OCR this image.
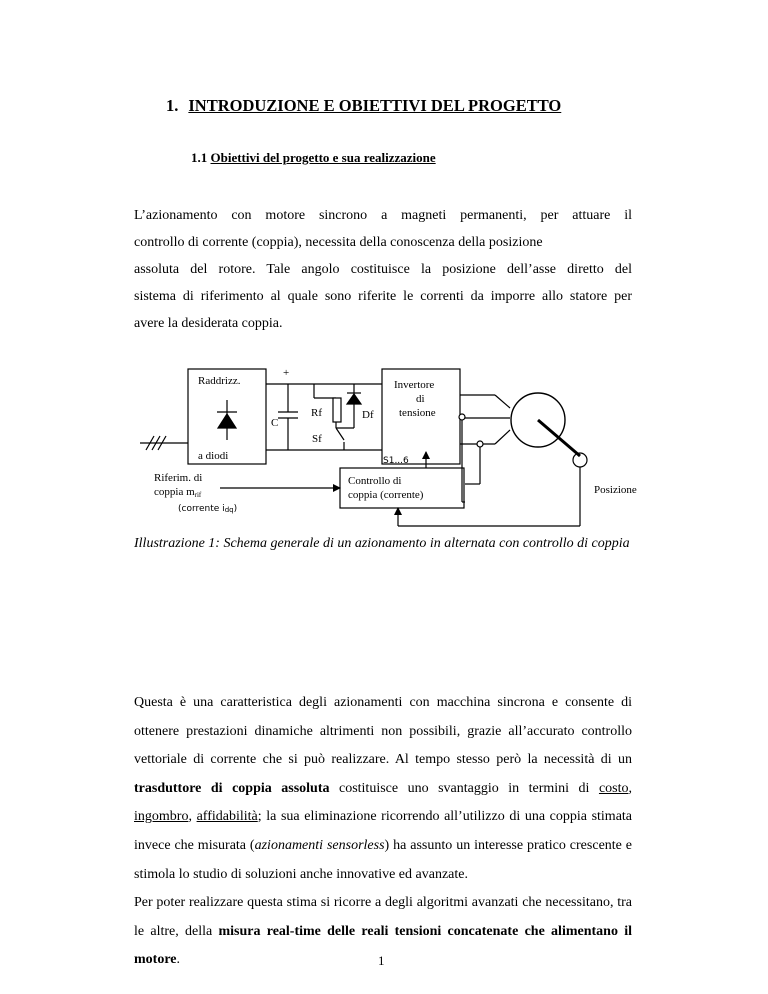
1. INTRODUZIONE E OBIETTIVI DEL PROGETTO
1.1 Obiettivi del progetto e sua realizzazione
L’azionamento con motore sincrono a magneti permanenti, per attuare il
controllo di corrente (coppia), necessita della conoscenza della posizione
assoluta del rotore. Tale angolo costituisce la posizione dell’asse diretto del
sistema di riferimento al quale sono riferite le correnti da imporre allo statore per
avere la desiderata coppia.
Raddrizz.
a diodi
+
C
Rf
Sf
Df
Invertore
di
tensione
S1...6
Controllo di
coppia (corrente)
Riferim. di
coppia mrif
(corrente idq)
Posizione
Illustrazione 1: Schema generale di un azionamento in alternata con controllo di coppia
Questa è una caratteristica degli azionamenti con macchina sincrona e consente di ottenere prestazioni dinamiche altrimenti non possibili, grazie all’accurato controllo vettoriale di corrente che si può realizzare. Al tempo stesso però la necessità di un trasduttore di coppia assoluta costituisce uno svantaggio in termini di costo, ingombro, affidabilità; la sua eliminazione ricorrendo all’utilizzo di una coppia stimata invece che misurata (azionamenti sensorless) ha assunto un interesse pratico crescente e stimola lo studio di soluzioni anche innovative ed avanzate.
Per poter realizzare questa stima si ricorre a degli algoritmi avanzati che necessitano, tra le altre, della misura real-time delle reali tensioni concatenate che alimentano il motore.	1
